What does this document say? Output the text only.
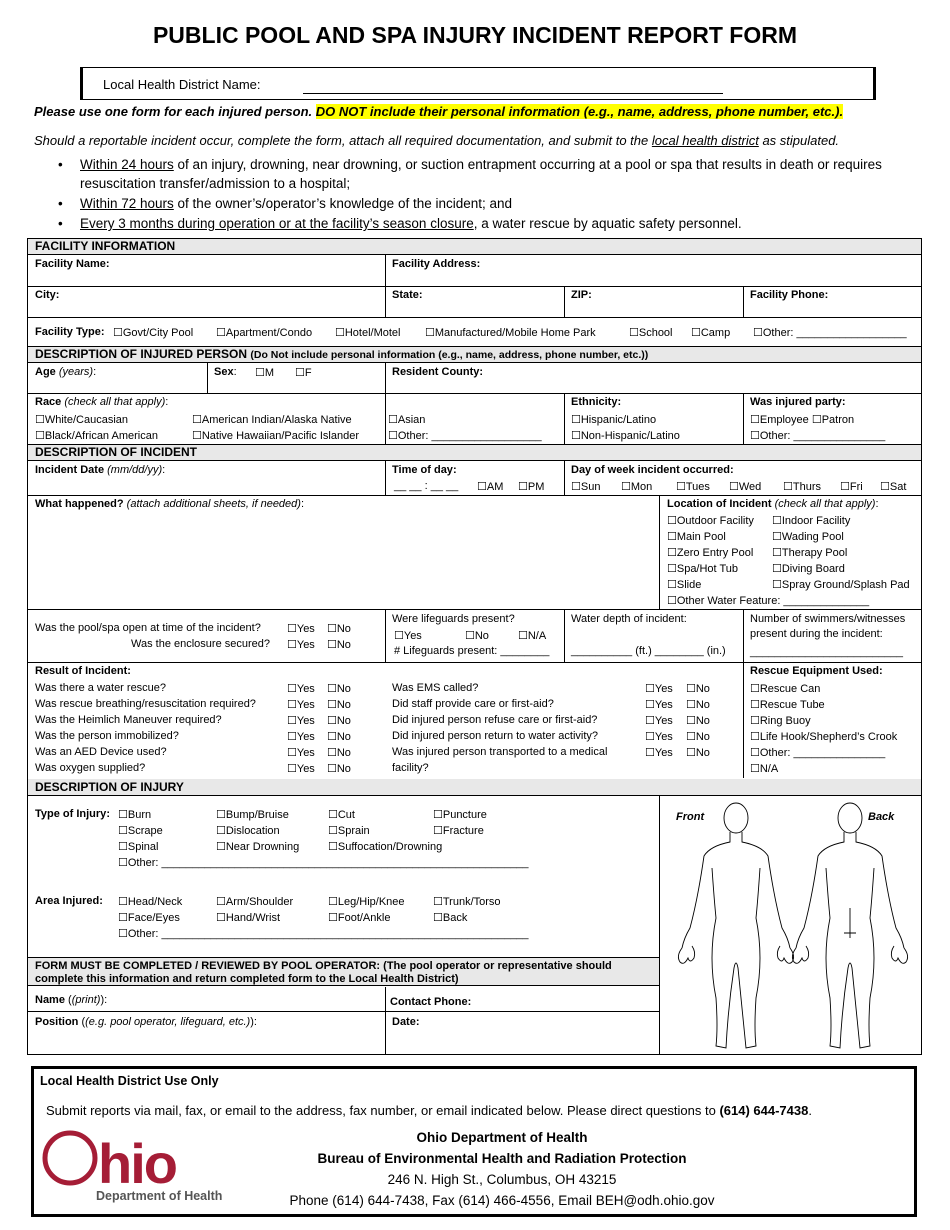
PUBLIC POOL AND SPA INJURY INCIDENT REPORT FORM
Local Health District Name:
Please use one form for each injured person. DO NOT include their personal information (e.g., name, address, phone number, etc.).
Should a reportable incident occur, complete the form, attach all required documentation, and submit to the local health district as stipulated.
• Within 24 hours of an injury, drowning, near drowning, or suction entrapment occurring at a pool or spa that results in death or requires resuscitation transfer/admission to a hospital;
• Within 72 hours of the owner’s/operator’s knowledge of the incident; and
• Every 3 months during operation or at the facility’s season closure, a water rescue by aquatic safety personnel.
FACILITY INFORMATION
Facility Name:	Facility Address:
City:	State:	ZIP:	Facility Phone:
Facility Type: ☐Govt/City Pool ☐Apartment/Condo ☐Hotel/Motel ☐Manufactured/Mobile Home Park	☐School ☐Camp ☐Other: __________________
DESCRIPTION OF INJURED PERSON (Do Not include personal information (e.g., name, address, phone number, etc.))
Age (years):	Sex: ☐M ☐F	Resident County:
Race (check all that apply):
☐White/Caucasian	☐American Indian/Alaska Native	☐Asian
☐Black/African American	☐Native Hawaiian/Pacific Islander	☐Other: __________________
Ethnicity:
☐Hispanic/Latino
☐Non-Hispanic/Latino
Was injured party:
☐Employee ☐Patron
☐Other: _______________
DESCRIPTION OF INCIDENT
Incident Date (mm/dd/yy):	Time of day:
__ __ : __ __ ☐AM ☐PM
Day of week incident occurred:
☐Sun ☐Mon ☐Tues ☐Wed ☐Thurs ☐Fri ☐Sat
What happened? (attach additional sheets, if needed):	Location of Incident (check all that apply):
☐Outdoor Facility ☐Indoor Facility
☐Main Pool	☐Wading Pool
☐Zero Entry Pool ☐Therapy Pool
☐Spa/Hot Tub	☐Diving Board
☐Slide	☐Spray Ground/Splash Pad
☐Other Water Feature: ______________
Was the pool/spa open at time of the incident? ☐Yes ☐No
Was the enclosure secured? ☐Yes ☐No
Were lifeguards present?
☐Yes	☐No	☐N/A
# Lifeguards present: ________
Water depth of incident:
__________ (ft.) ________ (in.)
Number of swimmers/witnesses
present during the incident:
_________________________
Result of Incident:	Rescue Equipment Used:
Was there a water rescue?	☐Yes ☐No
Was rescue breathing/resuscitation required?	☐Yes ☐No
Was the Heimlich Maneuver required?	☐Yes ☐No
Was the person immobilized?	☐Yes ☐No
Was an AED Device used?	☐Yes ☐No
Was oxygen supplied?	☐Yes ☐No
Was EMS called?	☐Yes ☐No
Did staff provide care or first-aid?	☐Yes ☐No
Did injured person refuse care or first-aid?	☐Yes ☐No
Did injured person return to water activity?	☐Yes ☐No
Was injured person transported to a medical	☐Yes ☐No
facility?
☐Rescue Can
☐Rescue Tube
☐Ring Buoy
☐Life Hook/Shepherd’s Crook
☐Other: _______________
☐N/A
DESCRIPTION OF INJURY
Type of Injury: ☐Burn	☐Bump/Bruise	☐Cut	☐Puncture
☐Scrape	☐Dislocation	☐Sprain	☐Fracture
☐Spinal	☐Near Drowning	☐Suffocation/Drowning
☐Other: ____________________________________________________________
Area Injured: ☐Head/Neck	☐Arm/Shoulder	☐Leg/Hip/Knee	☐Trunk/Torso
☐Face/Eyes	☐Hand/Wrist	☐Foot/Ankle	☐Back
☐Other: ____________________________________________________________
Front	Back
FORM MUST BE COMPLETED / REVIEWED BY POOL OPERATOR: (The pool operator or representative should
complete this information and return completed form to the Local Health District)
Name ((print)):	Contact Phone:
Position ((e.g. pool operator, lifeguard, etc.)):	Date:
Local Health District Use Only
Submit reports via mail, fax, or email to the address, fax number, or email indicated below. Please direct questions to (614) 644-7438.
hio
Department of Health
Ohio Department of Health
Bureau of Environmental Health and Radiation Protection
246 N. High St., Columbus, OH 43215
Phone (614) 644-7438, Fax (614) 466-4556, Email BEH@odh.ohio.gov
